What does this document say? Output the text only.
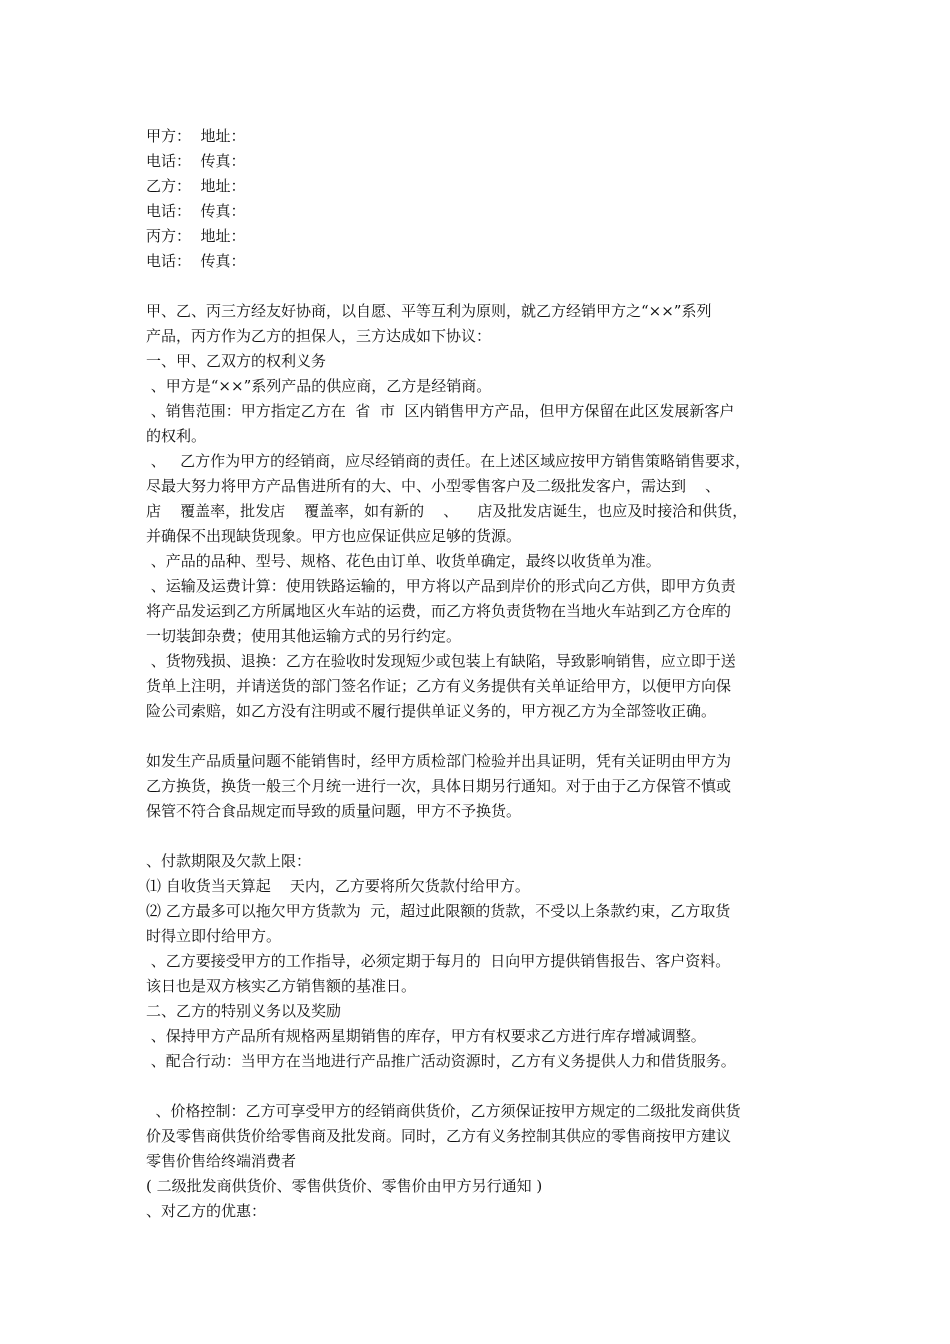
甲方：  地址：
电话：  传真：
乙方：  地址：
电话：  传真：
丙方：  地址：
电话：  传真：
甲、乙、丙三方经友好协商，以自愿、平等互利为原则，就乙方经销甲方之“××”系列
产品，丙方作为乙方的担保人，三方达成如下协议：
一、甲、乙双方的权利义务
、甲方是“××”系列产品的供应商，乙方是经销商。
、销售范围：甲方指定乙方在  省  市  区内销售甲方产品，但甲方保留在此区发展新客户
的权利。
、   乙方作为甲方的经销商，应尽经销商的责任。在上述区域应按甲方销售策略销售要求，
尽最大努力将甲方产品售进所有的大、中、小型零售客户及二级批发客户，需达到    、
店    覆盖率，批发店    覆盖率，如有新的    、    店及批发店诞生，也应及时接洽和供货，
并确保不出现缺货现象。甲方也应保证供应足够的货源。
、产品的品种、型号、规格、花色由订单、收货单确定，最终以收货单为准。
、运输及运费计算：使用铁路运输的，甲方将以产品到岸价的形式向乙方供，即甲方负责
将产品发运到乙方所属地区火车站的运费，而乙方将负责货物在当地火车站到乙方仓库的
一切装卸杂费；使用其他运输方式的另行约定。
、货物残损、退换：乙方在验收时发现短少或包装上有缺陷，导致影响销售，应立即于送
货单上注明，并请送货的部门签名作证；乙方有义务提供有关单证给甲方，以便甲方向保
险公司索赔，如乙方没有注明或不履行提供单证义务的，甲方视乙方为全部签收正确。
如发生产品质量问题不能销售时，经甲方质检部门检验并出具证明，凭有关证明由甲方为
乙方换货，换货一般三个月统一进行一次，具体日期另行通知。对于由于乙方保管不慎或
保管不符合食品规定而导致的质量问题，甲方不予换货。
、付款期限及欠款上限：
⑴ 自收货当天算起    天内，乙方要将所欠货款付给甲方。
⑵ 乙方最多可以拖欠甲方货款为  元，超过此限额的货款，不受以上条款约束，乙方取货
时得立即付给甲方。
、乙方要接受甲方的工作指导，必须定期于每月的  日向甲方提供销售报告、客户资料。
该日也是双方核实乙方销售额的基准日。
二、乙方的特别义务以及奖励
、保持甲方产品所有规格两星期销售的库存，甲方有权要求乙方进行库存增减调整。
、配合行动：当甲方在当地进行产品推广活动资源时，乙方有义务提供人力和借货服务。
、价格控制：乙方可享受甲方的经销商供货价，乙方须保证按甲方规定的二级批发商供货
价及零售商供货价给零售商及批发商。同时，乙方有义务控制其供应的零售商按甲方建议
零售价售给终端消费者
( 二级批发商供货价、零售供货价、零售价由甲方另行通知 )
、对乙方的优惠：
